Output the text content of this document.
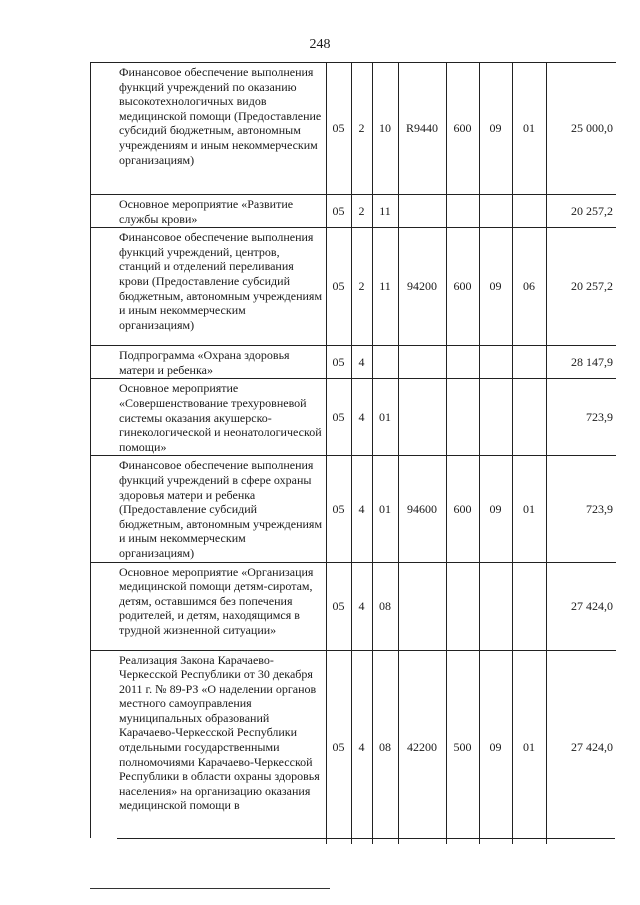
248
Финансовое обеспечение выполнения функций учреждений по оказанию высокотехнологичных видов медицинской помощи (Предоставление субсидий бюджетным, автономным учреждениям и иным некоммерческим организациям)	05	2	10	R9440	600	09	01	25 000,0
Основное мероприятие «Развитие службы крови»	05	2	11					20 257,2
Финансовое обеспечение выполнения функций учреждений, центров, станций и отделений переливания крови (Предоставление субсидий бюджетным, автономным учреждениям и иным некоммерческим организациям)	05	2	11	94200	600	09	06	20 257,2
Подпрограмма «Охрана здоровья матери и ребенка»	05	4						28 147,9
Основное мероприятие «Совершенствование трехуровневой системы оказания акушерско-гинекологической и неонатологической помощи»	05	4	01					723,9
Финансовое обеспечение выполнения функций учреждений в сфере охраны здоровья матери и ребенка (Предоставление субсидий бюджетным, автономным учреждениям и иным некоммерческим организациям)	05	4	01	94600	600	09	01	723,9
Основное мероприятие «Организация медицинской помощи детям-сиротам, детям, оставшимся без попечения родителей, и детям, находящимся в трудной жизненной ситуации»	05	4	08					27 424,0
Реализация Закона Карачаево-Черкесской Республики от 30 декабря 2011 г. № 89-РЗ «О наделении органов местного самоуправления муниципальных образований Карачаево-Черкесской Республики отдельными государственными полномочиями Карачаево-Черкесской Республики в области охраны здоровья населения» на организацию оказания медицинской помощи в	05	4	08	42200	500	09	01	27 424,0
